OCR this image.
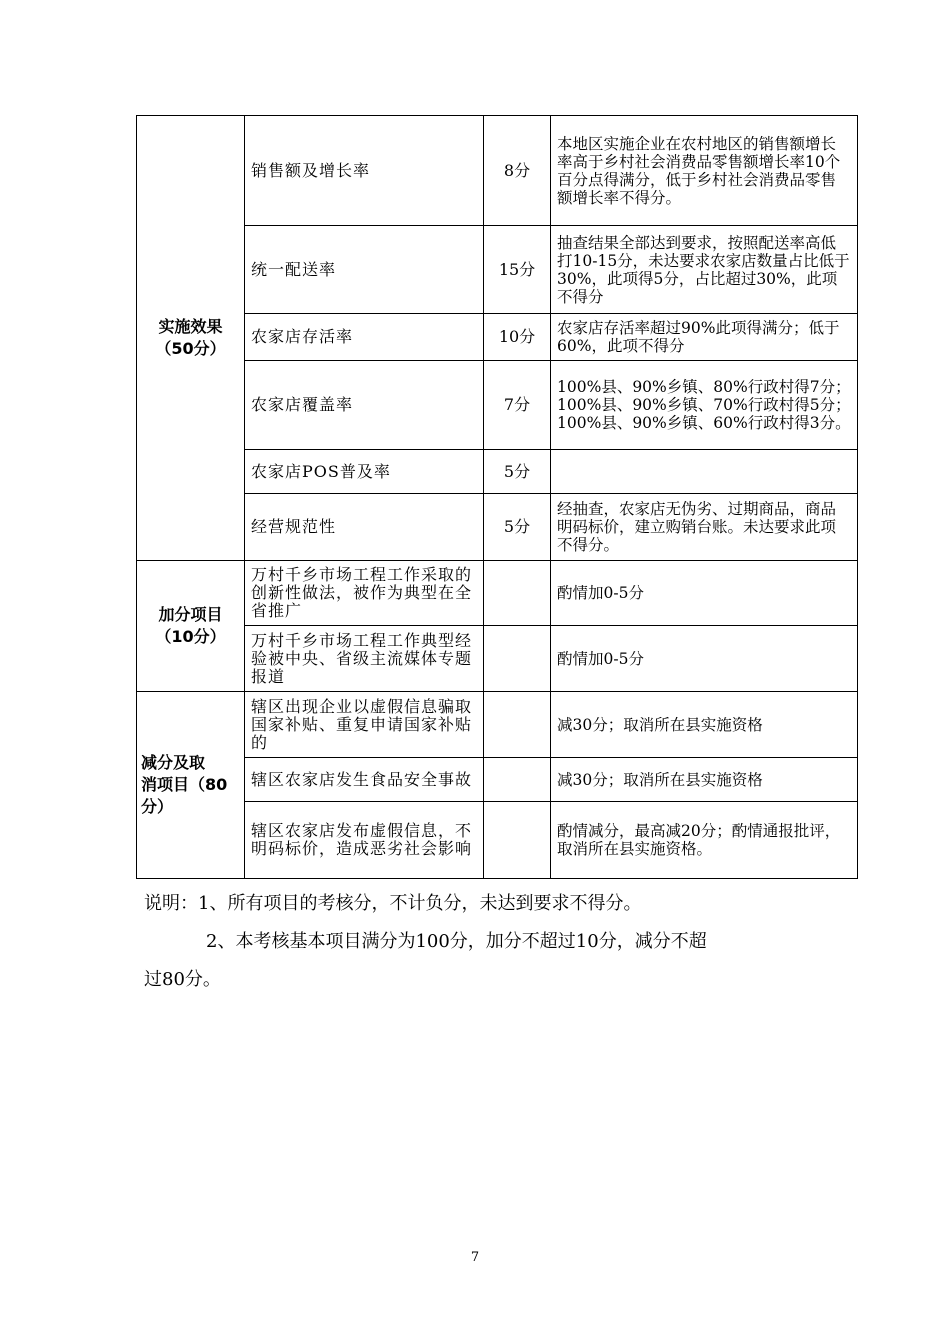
实施效果
（50分）	销售额及增长率	8分	本地区实施企业在农村地区的销售额增长率高于乡村社会消费品零售额增长率10个百分点得满分，低于乡村社会消费品零售额增长率不得分。
	统一配送率	15分	抽查结果全部达到要求，按照配送率高低打10-15分，未达要求农家店数量占比低于30%，此项得5分，占比超过30%，此项不得分
	农家店存活率	10分	农家店存活率超过90%此项得满分；低于60%，此项不得分
	农家店覆盖率	7分	100%县、90%乡镇、80%行政村得7分；100%县、90%乡镇、70%行政村得5分；100%县、90%乡镇、60%行政村得3分。
	农家店POS普及率	5分	
	经营规范性	5分	经抽查，农家店无伪劣、过期商品，商品明码标价，建立购销台账。未达要求此项不得分。

加分项目
（10分）	万村千乡市场工程工作采取的创新性做法，被作为典型在全省推广		酌情加0-5分
	万村千乡市场工程工作典型经验被中央、省级主流媒体专题报道		酌情加0-5分

减分及取
消项目（80
分）	辖区出现企业以虚假信息骗取国家补贴、重复申请国家补贴的		减30分；取消所在县实施资格
	辖区农家店发生食品安全事故		减30分；取消所在县实施资格
	辖区农家店发布虚假信息，不明码标价，造成恶劣社会影响		酌情减分，最高减20分；酌情通报批评，取消所在县实施资格。

说明：1、所有项目的考核分，不计负分，未达到要求不得分。

2、本考核基本项目满分为100分，加分不超过10分，减分不超

过80分。

7
